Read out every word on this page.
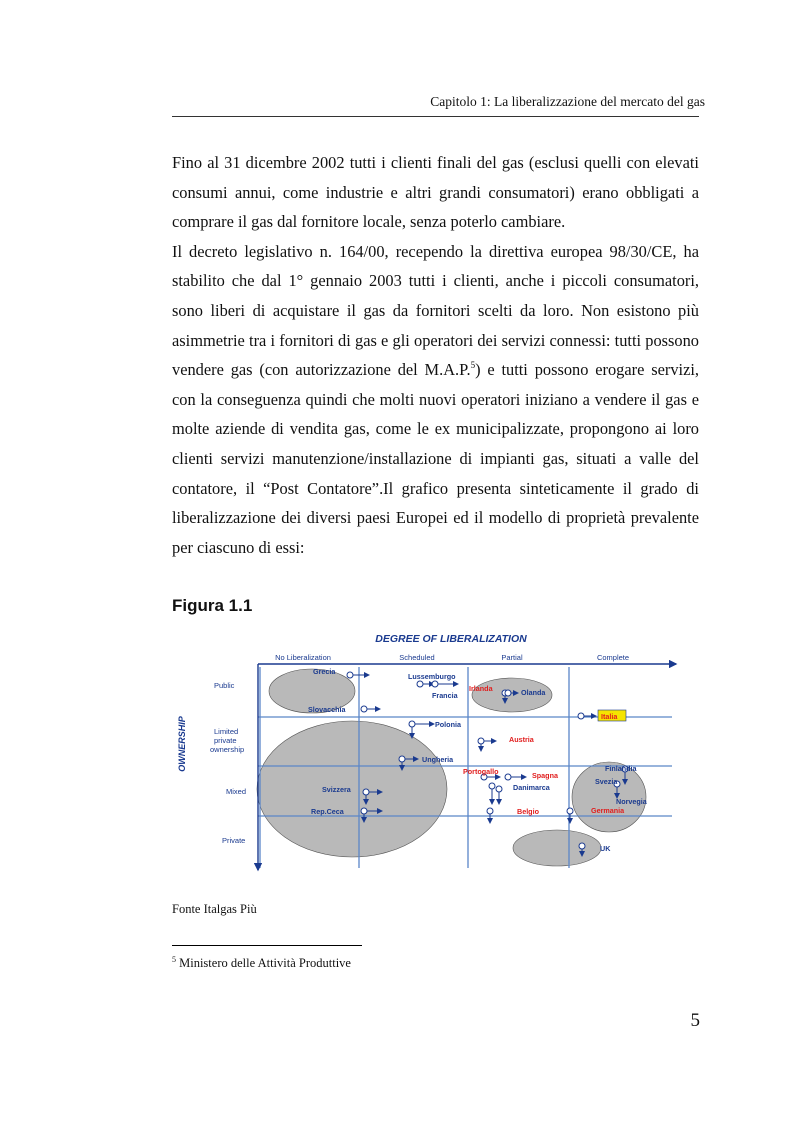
Capitolo 1: La liberalizzazione del mercato del gas

Fino al 31 dicembre 2002 tutti i clienti finali del gas (esclusi quelli con elevati consumi annui, come industrie e altri grandi consumatori) erano obbligati a comprare il gas dal fornitore locale, senza poterlo cambiare.

Il decreto legislativo n. 164/00, recependo la direttiva europea 98/30/CE, ha stabilito che dal 1° gennaio 2003 tutti i clienti, anche i piccoli consumatori, sono liberi di acquistare il gas da fornitori scelti da loro. Non esistono più asimmetrie tra i fornitori di gas e gli operatori dei servizi connessi: tutti possono vendere gas (con autorizzazione del M.A.P.$^5$) e tutti possono erogare servizi, con la conseguenza quindi che molti nuovi operatori iniziano a vendere il gas e molte aziende di vendita gas, come le ex municipalizzate, propongono ai loro clienti servizi manutenzione/installazione di impianti gas, situati a valle del contatore, il “Post Contatore”.Il grafico presenta sinteticamente il grado di liberalizzazione dei diversi paesi Europei ed il modello di proprietà prevalente per ciascuno di essi:

Figura 1.1
DEGREE OF LIBERALIZATION
No Liberalization	Scheduled	Partial	Complete
OWNERSHIP
Public
Limited
private
ownership
Mixed
Private
Grecia
Lussemburgo
Francia
Irlanda	Olanda
Slovacchia
Italia
Polonia
Austria
Ungheria
Portogallo	Spagna
Danimarca
Finlandia
Svezia
Norvegia
Svizzera
Rep.Ceca	Belgio	Germania
UK
Fonte Italgas Più
$^5$ Ministero delle Attività Produttive
5
